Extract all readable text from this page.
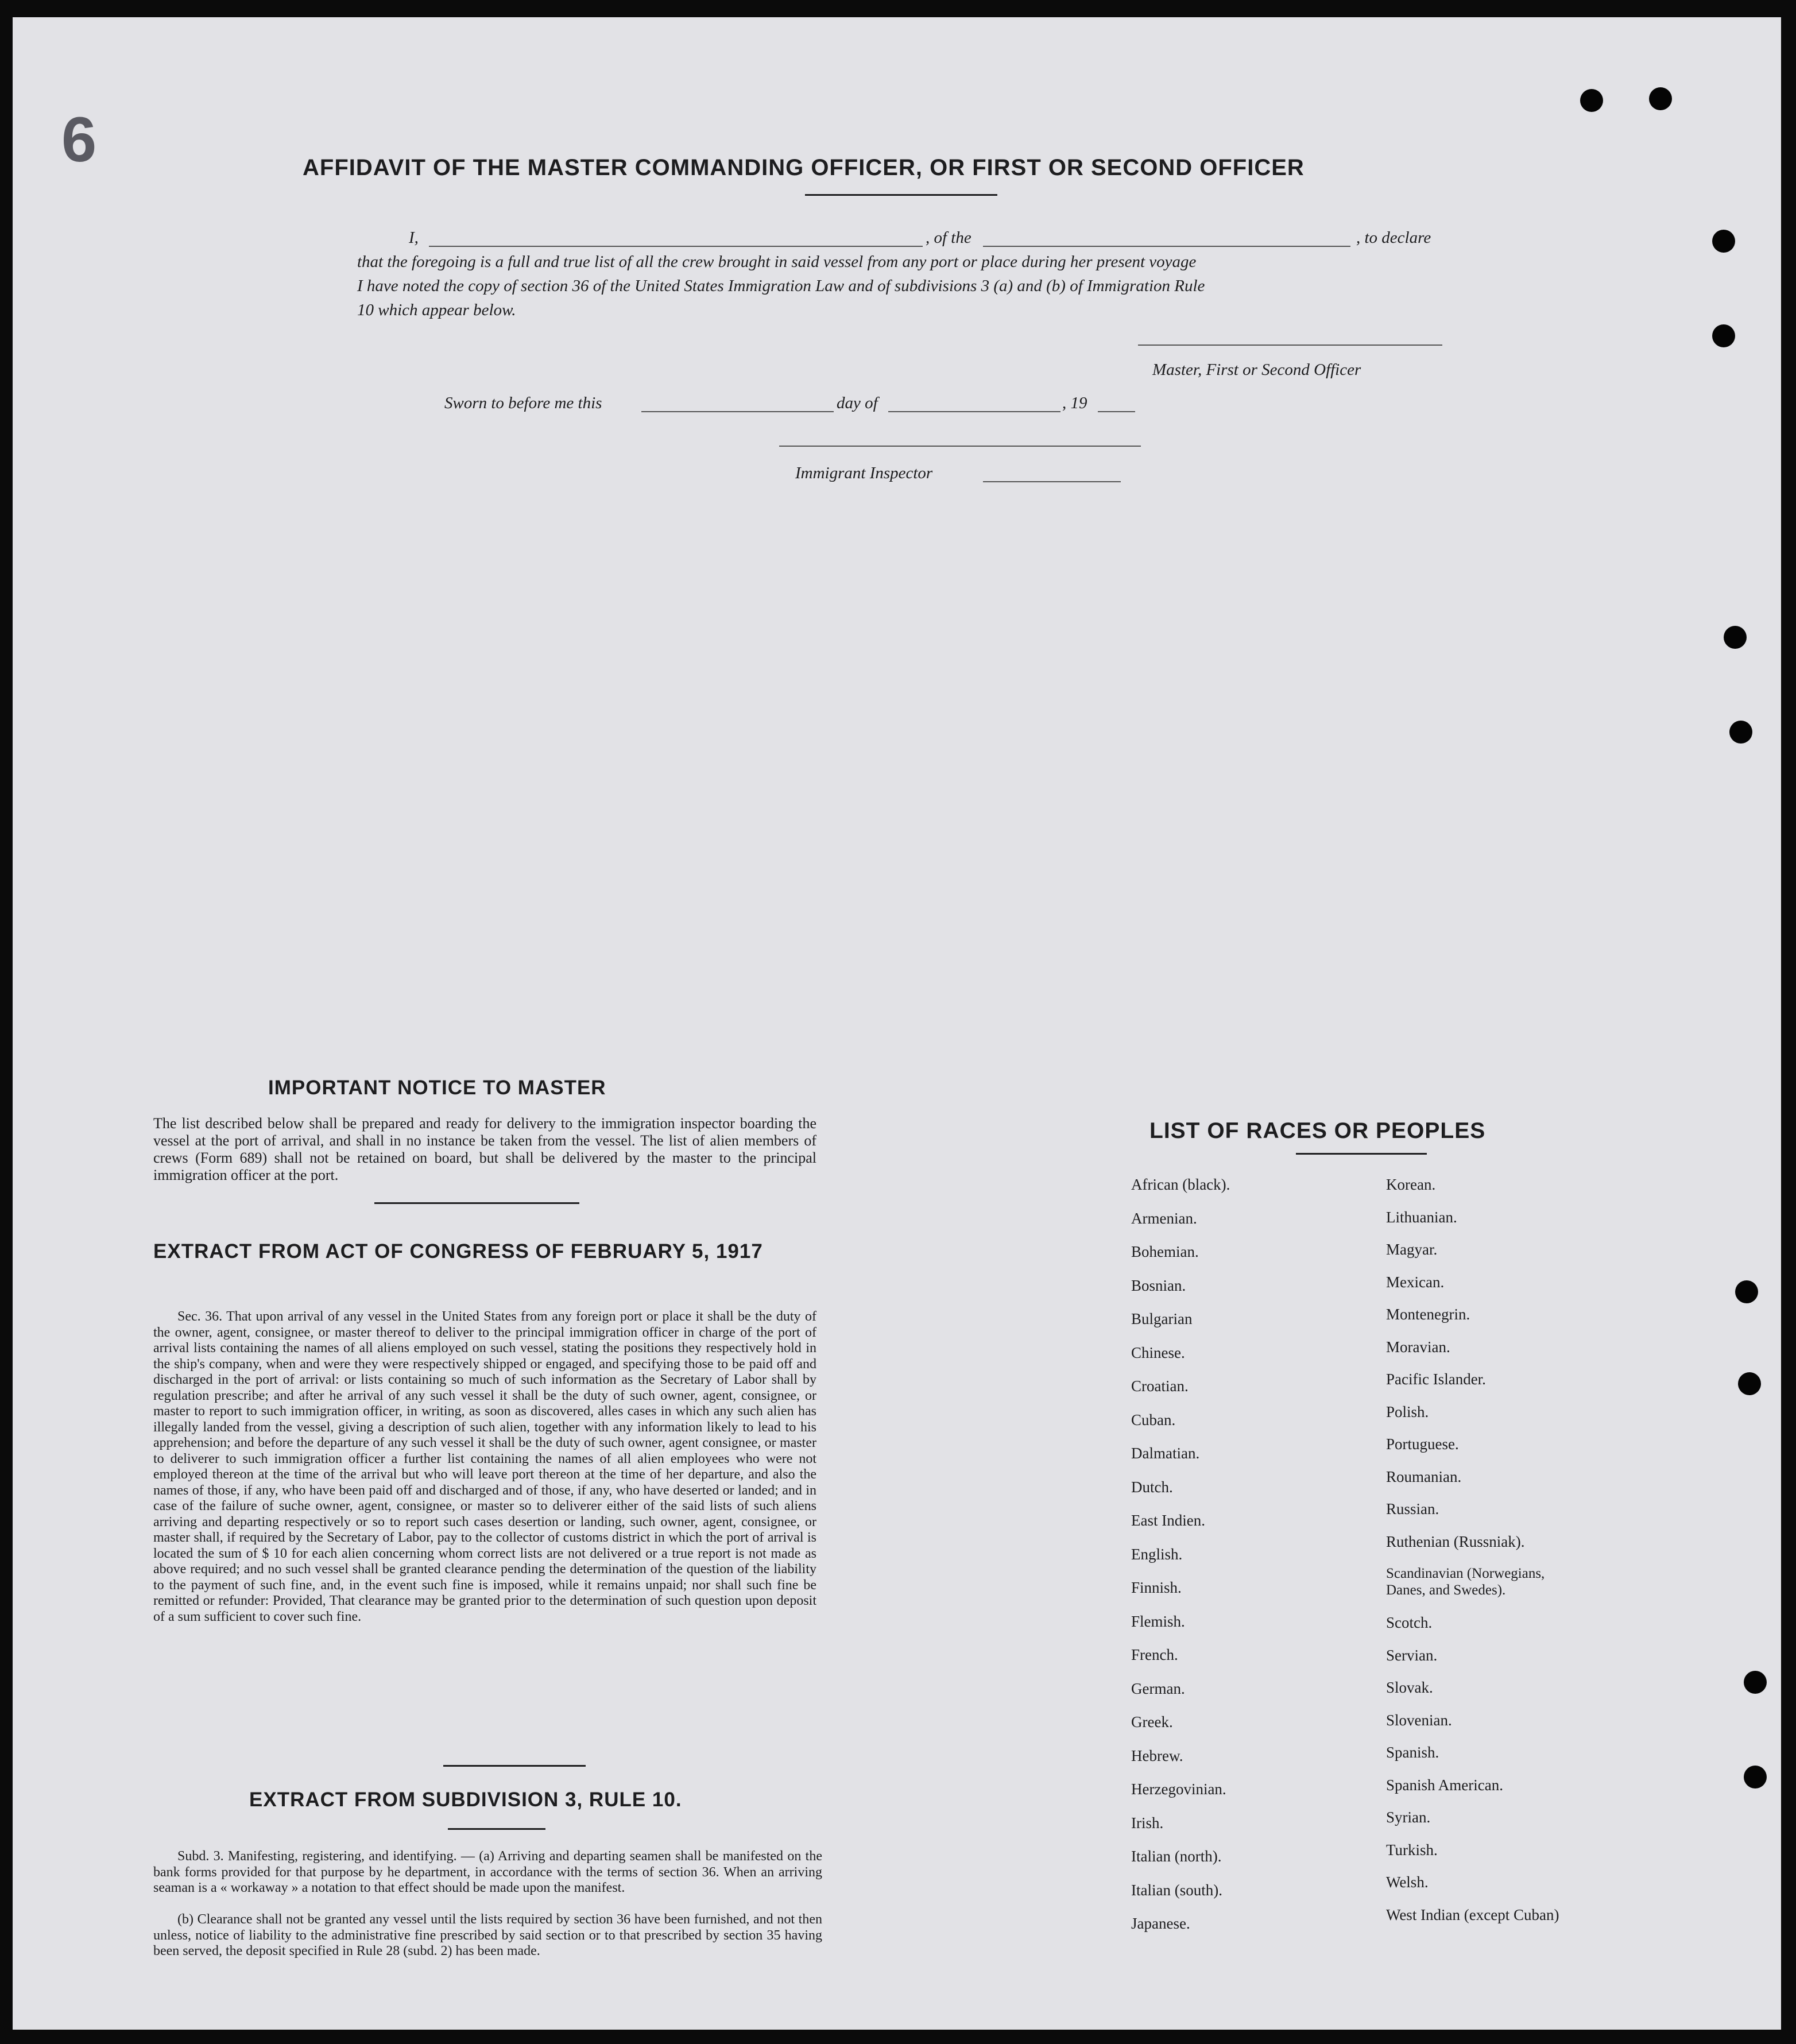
6	AFFIDAVIT OF THE MASTER COMMANDING OFFICER, OR FIRST OR SECOND OFFICER
I,	, of the	, to declare
that the foregoing is a full and true list of all the crew brought in said vessel from any port or place during her present voyage
I have noted the copy of section 36 of the United States Immigration Law and of subdivisions 3 (a) and (b) of Immigration Rule
10 which appear below.
Master, First or Second Officer
Sworn to before me this	day of	, 19
Immigrant Inspector
IMPORTANT NOTICE TO MASTER
The list described below shall be prepared and ready for delivery to the immigration inspector boarding the vessel at the port of arrival, and shall in no instance be taken from the vessel. The list of alien members of crews (Form 689) shall not be retained on board, but shall be delivered by the master to the principal immigration officer at the port.
EXTRACT FROM ACT OF CONGRESS OF FEBRUARY 5, 1917
Sec. 36. That upon arrival of any vessel in the United States from any foreign port or place it shall be the duty of the owner, agent, consignee, or master thereof to deliver to the principal immigration officer in charge of the port of arrival lists containing the names of all aliens employed on such vessel, stating the positions they respectively hold in the ship's company, when and were they were respectively shipped or engaged, and specifying those to be paid off and discharged in the port of arrival: or lists containing so much of such information as the Secretary of Labor shall by regulation prescribe; and after he arrival of any such vessel it shall be the duty of such owner, agent, consignee, or master to report to such immigration officer, in writing, as soon as discovered, alles cases in which any such alien has illegally landed from the vessel, giving a description of such alien, together with any information likely to lead to his apprehension; and before the departure of any such vessel it shall be the duty of such owner, agent consignee, or master to deliverer to such immigration officer a further list containing the names of all alien employees who were not employed thereon at the time of the arrival but who will leave port thereon at the time of her departure, and also the names of those, if any, who have been paid off and discharged and of those, if any, who have deserted or landed; and in case of the failure of suche owner, agent, consignee, or master so to deliverer either of the said lists of such aliens arriving and departing respectively or so to report such cases desertion or landing, such owner, agent, consignee, or master shall, if required by the Secretary of Labor, pay to the collector of customs district in which the port of arrival is located the sum of $ 10 for each alien concerning whom correct lists are not delivered or a true report is not made as above required; and no such vessel shall be granted clearance pending the determination of the question of the liability to the payment of such fine, and, in the event such fine is imposed, while it remains unpaid; nor shall such fine be remitted or refunder: Provided, That clearance may be granted prior to the determination of such question upon deposit of a sum sufficient to cover such fine.
EXTRACT FROM SUBDIVISION 3, RULE 10.
Subd. 3. Manifesting, registering, and identifying. — (a) Arriving and departing seamen shall be manifested on the bank forms provided for that purpose by he department, in accordance with the terms of section 36. When an arriving seaman is a « workaway » a notation to that effect should be made upon the manifest.
(b) Clearance shall not be granted any vessel until the lists required by section 36 have been furnished, and not then unless, notice of liability to the administrative fine prescribed by said section or to that prescribed by section 35 having been served, the deposit specified in Rule 28 (subd. 2) has been made.
LIST OF RACES OR PEOPLES
African (black).
Armenian.
Bohemian.
Bosnian.
Bulgarian
Chinese.
Croatian.
Cuban.
Dalmatian.
Dutch.
East Indien.
English.
Finnish.
Flemish.
French.
German.
Greek.
Hebrew.
Herzegovinian.
Irish.
Italian (north).
Italian (south).
Japanese.
Korean.
Lithuanian.
Magyar.
Mexican.
Montenegrin.
Moravian.
Pacific Islander.
Polish.
Portuguese.
Roumanian.
Russian.
Ruthenian (Russniak).
Scandinavian (Norwegians, Danes, and Swedes).
Scotch.
Servian.
Slovak.
Slovenian.
Spanish.
Spanish American.
Syrian.
Turkish.
Welsh.
West Indian (except Cuban)
